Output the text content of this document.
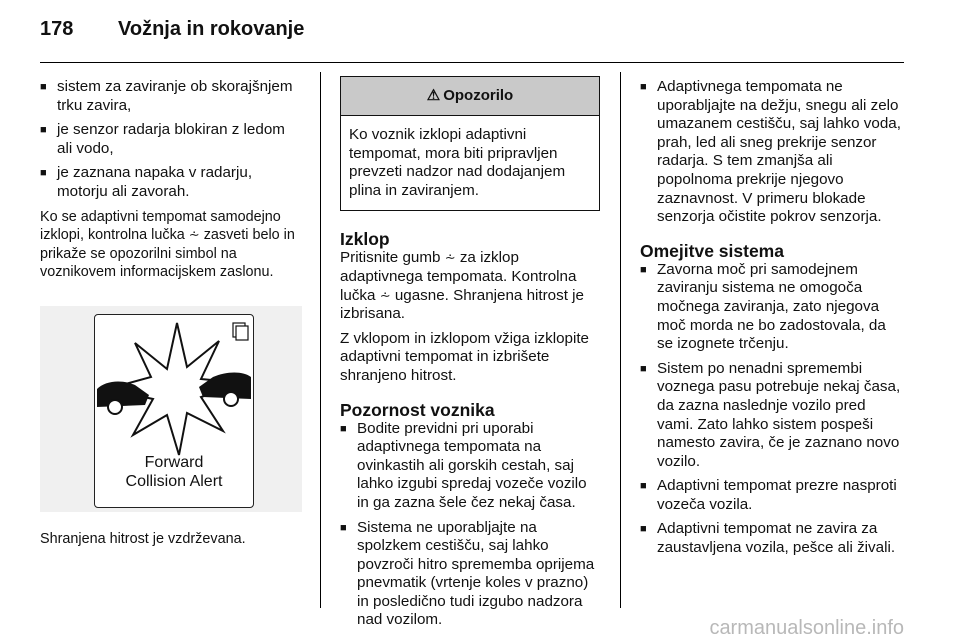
178 Vožnja in rokovanje
■ sistem za zaviranje ob skorajšnjem trku zavira,
■ je senzor radarja blokiran z ledom ali vodo,
■ je zaznana napaka v radarju, motorju ali zavorah.

Ko se adaptivni tempomat samodejno izklopi, kontrolna lučka ⩪ zasveti belo in prikaže se opozorilni simbol na voznikovem informacijskem zaslonu.

Forward
Collision Alert

Shranjena hitrost je vzdrževana.

⚠ Opozorilo
Ko voznik izklopi adaptivni tempomat, mora biti pripravljen prevzeti nadzor nad dodajanjem plina in zaviranjem.
Izklop

Pritisnite gumb ⩪ za izklop adaptivnega tempomata. Kontrolna lučka ⩪ ugasne. Shranjena hitrost je izbrisana.

Z vklopom in izklopom vžiga izklopite adaptivni tempomat in izbrišete shranjeno hitrost.

Pozornost voznika
■ Bodite previdni pri uporabi adaptivnega tempomata na ovinkastih ali gorskih cestah, saj lahko izgubi spredaj vozeče vozilo in ga zazna šele čez nekaj časa.
■ Sistema ne uporabljajte na spolzkem cestišču, saj lahko povzroči hitro sprememba oprijema pnevmatik (vrtenje koles v prazno) in posledično tudi izgubo nadzora nad vozilom.
■ Adaptivnega tempomata ne uporabljajte na dežju, snegu ali zelo umazanem cestišču, saj lahko voda, prah, led ali sneg prekrije senzor radarja. S tem zmanjša ali popolnoma prekrije njegovo zaznavnost. V primeru blokade senzorja očistite pokrov senzorja.
Omejitve sistema
■ Zavorna moč pri samodejnem zaviranju sistema ne omogoča močnega zaviranja, zato njegova moč morda ne bo zadostovala, da se izognete trčenju.
■ Sistem po nenadni spremembi voznega pasu potrebuje nekaj časa, da zazna naslednje vozilo pred vami. Zato lahko sistem pospeši namesto zavira, če je zaznano novo vozilo.
■ Adaptivni tempomat prezre nasproti vozeča vozila.
■ Adaptivni tempomat ne zavira za zaustavljena vozila, pešce ali živali.
carmanualsonline.info
